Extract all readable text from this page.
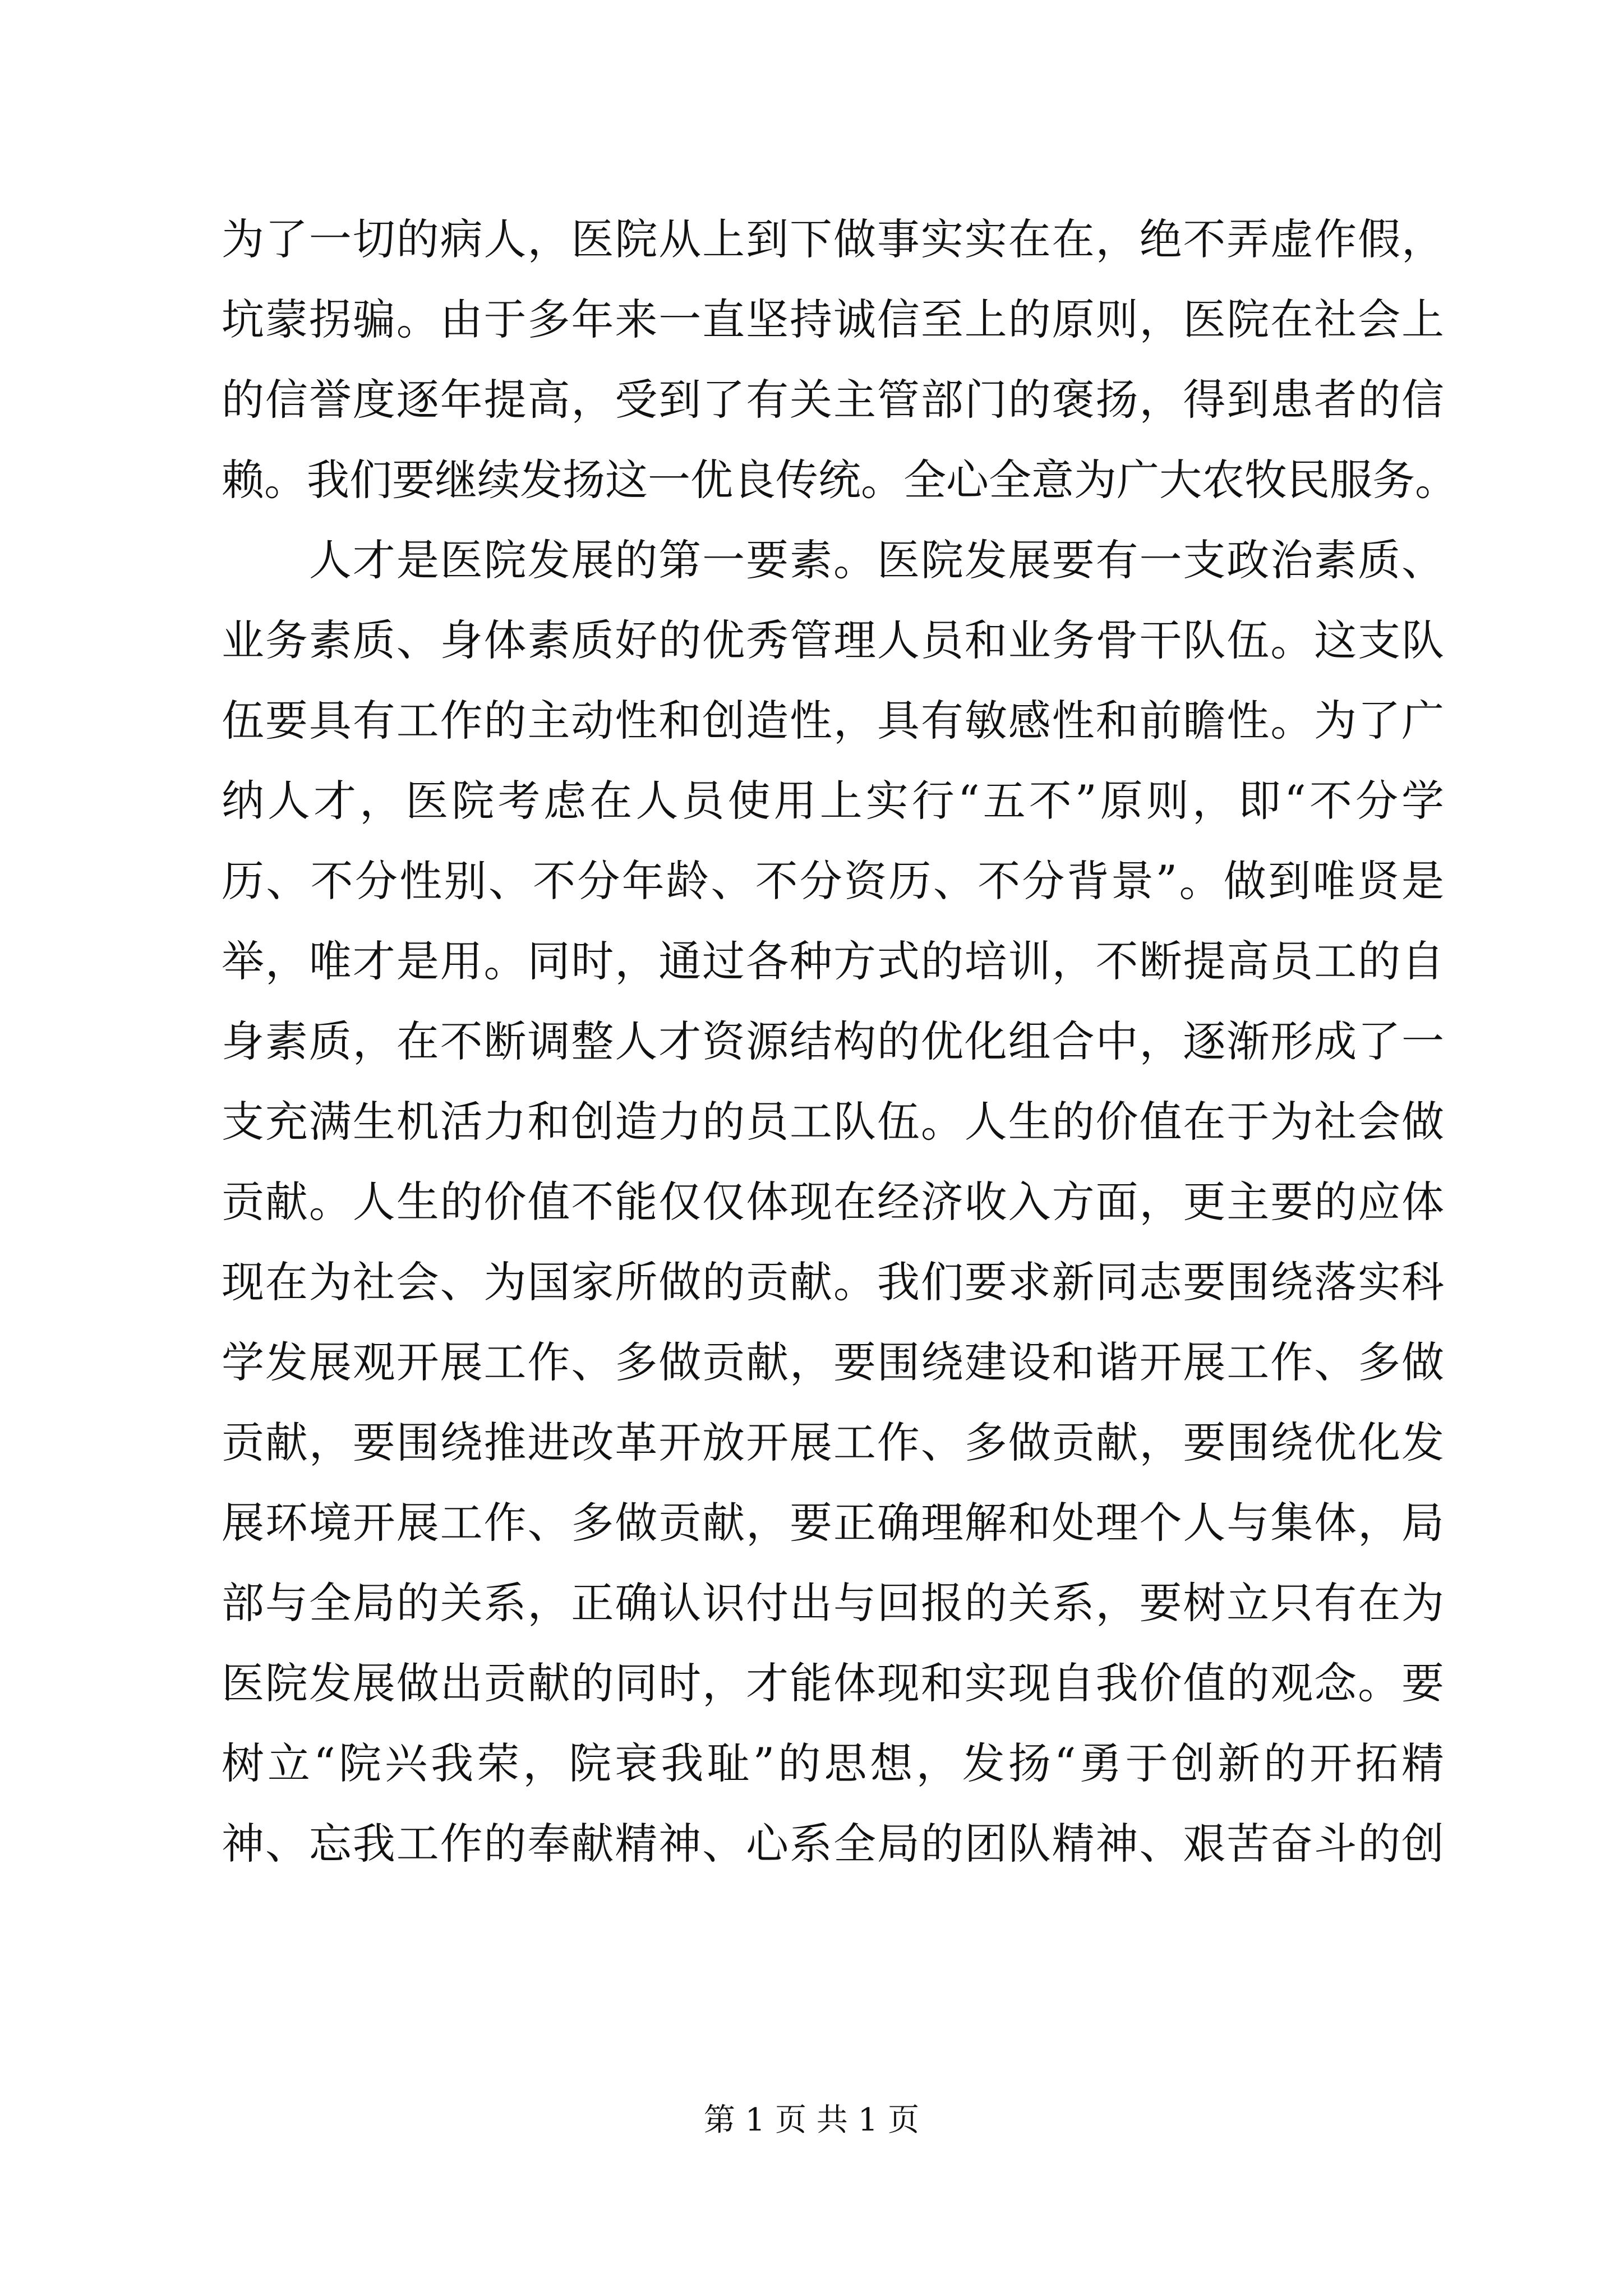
为了一切的病人，医院从上到下做事实实在在，绝不弄虚作假，
坑蒙拐骗。由于多年来一直坚持诚信至上的原则，医院在社会上
的信誉度逐年提高，受到了有关主管部门的褒扬，得到患者的信
赖。我们要继续发扬这一优良传统。全心全意为广大农牧民服务。
　　人才是医院发展的第一要素。医院发展要有一支政治素质、
业务素质、身体素质好的优秀管理人员和业务骨干队伍。这支队
伍要具有工作的主动性和创造性，具有敏感性和前瞻性。为了广
纳人才，医院考虑在人员使用上实行“五不”原则，即“不分学
历、不分性别、不分年龄、不分资历、不分背景”。做到唯贤是
举，唯才是用。同时，通过各种方式的培训，不断提高员工的自
身素质，在不断调整人才资源结构的优化组合中，逐渐形成了一
支充满生机活力和创造力的员工队伍。人生的价值在于为社会做
贡献。人生的价值不能仅仅体现在经济收入方面，更主要的应体
现在为社会、为国家所做的贡献。我们要求新同志要围绕落实科
学发展观开展工作、多做贡献，要围绕建设和谐开展工作、多做
贡献，要围绕推进改革开放开展工作、多做贡献，要围绕优化发
展环境开展工作、多做贡献，要正确理解和处理个人与集体，局
部与全局的关系，正确认识付出与回报的关系，要树立只有在为
医院发展做出贡献的同时，才能体现和实现自我价值的观念。要
树立“院兴我荣，院衰我耻”的思想，发扬“勇于创新的开拓精
神、忘我工作的奉献精神、心系全局的团队精神、艰苦奋斗的创
第 1 页 共 1 页
